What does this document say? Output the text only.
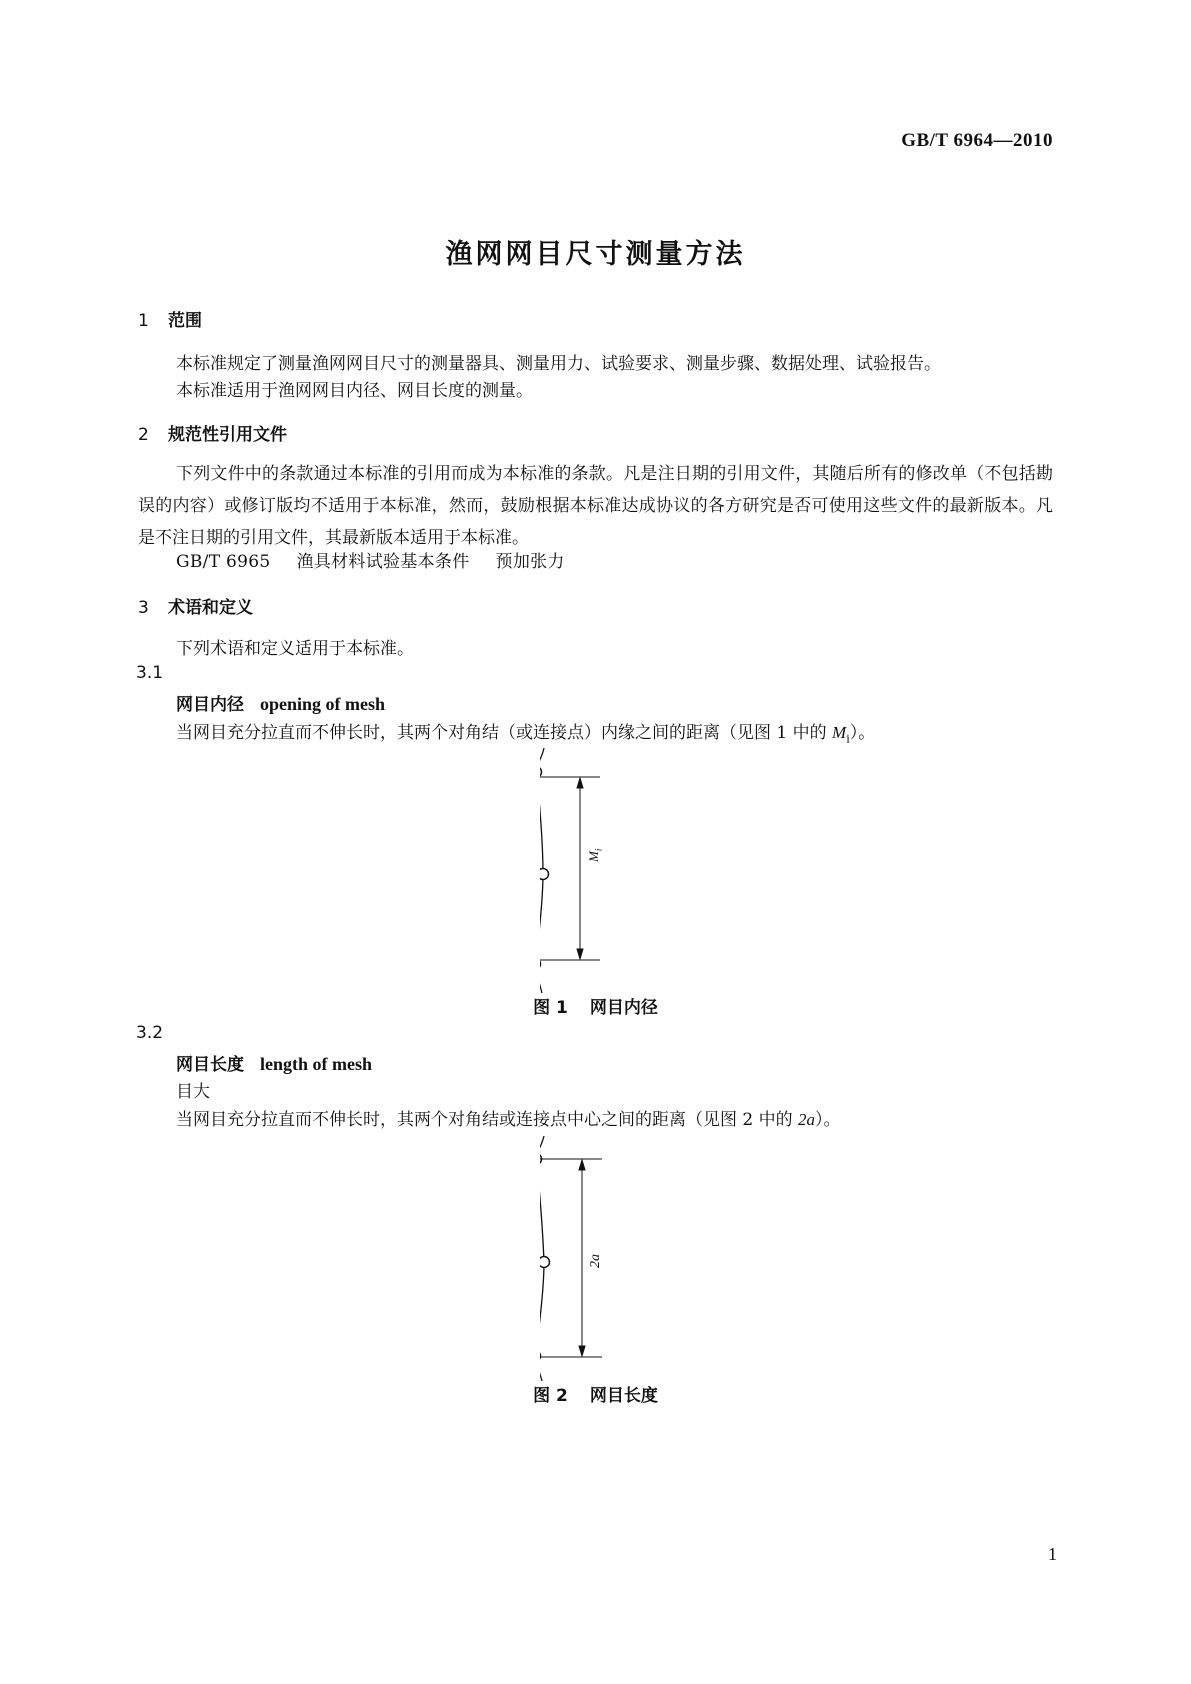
GB/T 6964—2010
渔网网目尺寸测量方法
1 范围
本标准规定了测量渔网网目尺寸的测量器具、测量用力、试验要求、测量步骤、数据处理、试验报告。
本标准适用于渔网网目内径、网目长度的测量。
2 规范性引用文件
下列文件中的条款通过本标准的引用而成为本标准的条款。凡是注日期的引用文件，其随后所有的修改单（不包括勘误的内容）或修订版均不适用于本标准，然而，鼓励根据本标准达成协议的各方研究是否可使用这些文件的最新版本。凡是不注日期的引用文件，其最新版本适用于本标准。
GB/T 6965 渔具材料试验基本条件 预加张力
3 术语和定义
下列术语和定义适用于本标准。
3.1
网目内径 opening of mesh
当网目充分拉直而不伸长时，其两个对角结（或连接点）内缘之间的距离（见图 1 中的 $M_i$）。
$M_i$
图 1 网目内径
3.2
网目长度 length of mesh
目大
当网目充分拉直而不伸长时，其两个对角结或连接点中心之间的距离（见图 2 中的 2a）。
2a
图 2 网目长度
1
